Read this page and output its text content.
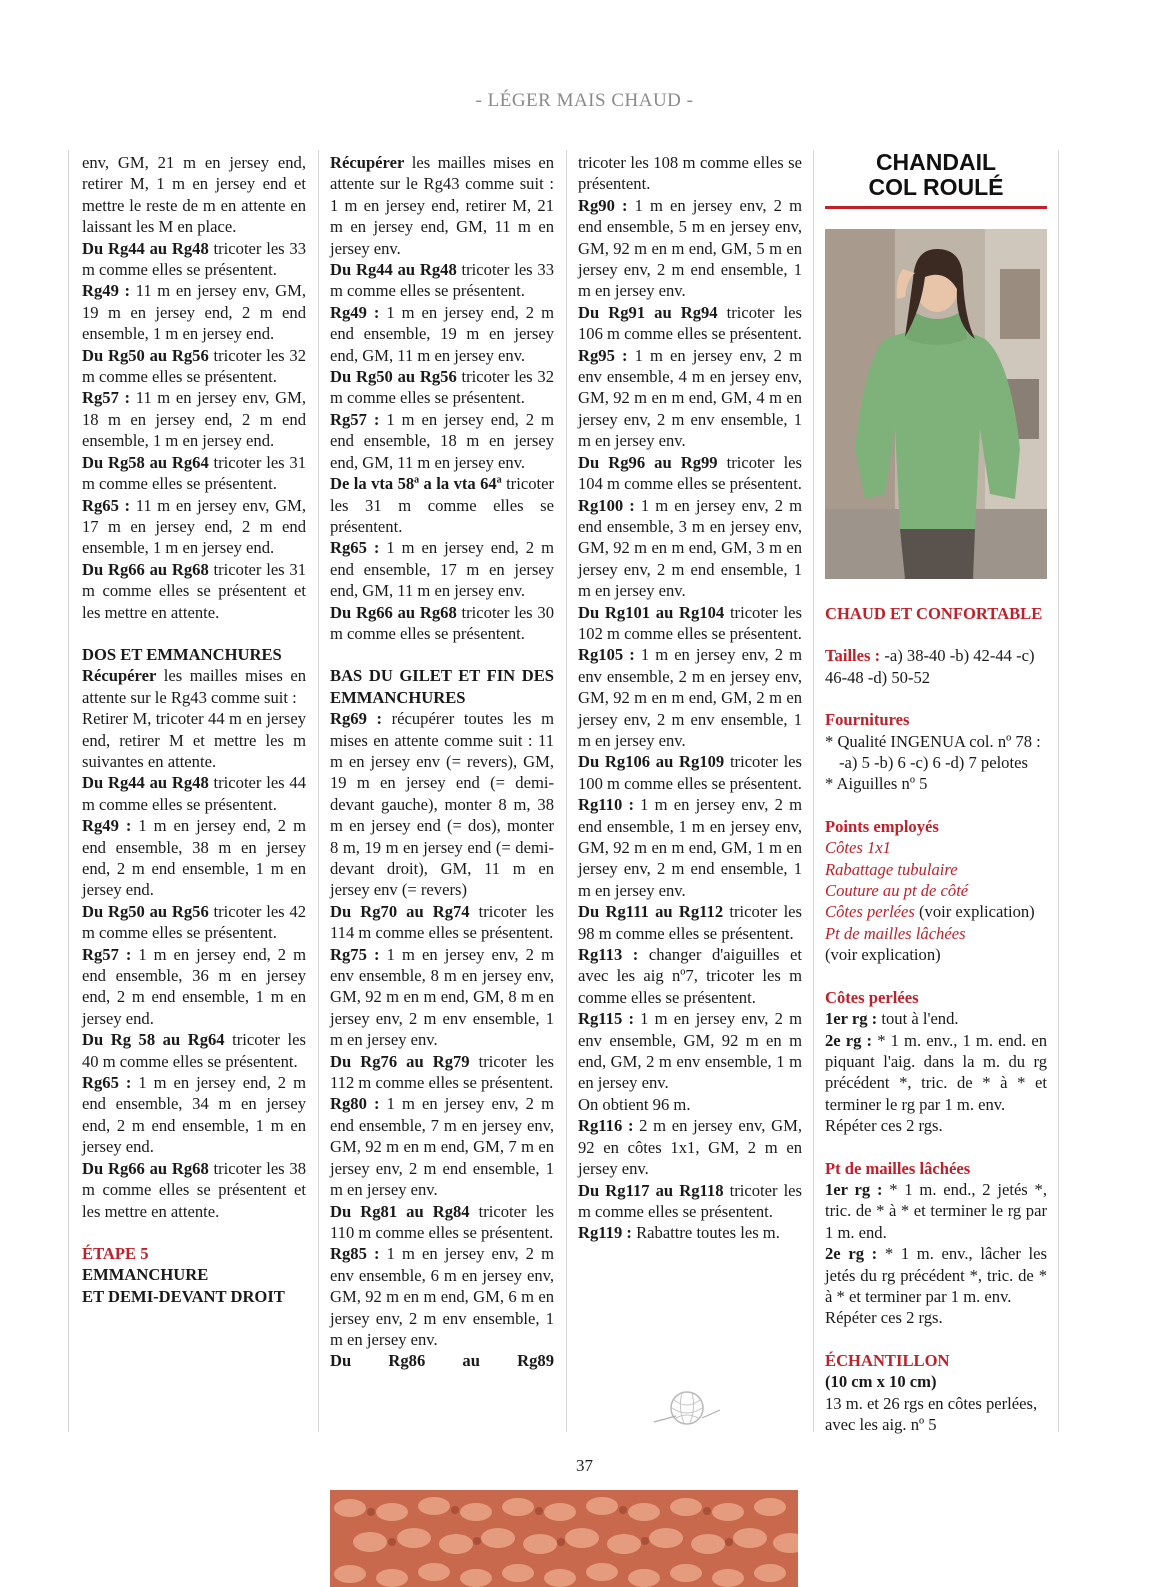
- LÉGER MAIS CHAUD -

env, GM, 21 m en jersey end, retirer M, 1 m en jersey end et mettre le reste de m en attente en laissant les M en place.

Du Rg44 au Rg48 tricoter les 33 m comme elles se présentent.

Rg49 : 11 m en jersey env, GM, 19 m en jersey end, 2 m end ensemble, 1 m en jersey end.

Du Rg50 au Rg56 tricoter les 32 m comme elles se présentent.

Rg57 : 11 m en jersey env, GM, 18 m en jersey end, 2 m end ensemble, 1 m en jersey end.

Du Rg58 au Rg64 tricoter les 31 m comme elles se présentent.

Rg65 : 11 m en jersey env, GM, 17 m en jersey end, 2 m end ensemble, 1 m en jersey end.

Du Rg66 au Rg68 tricoter les 31 m comme elles se présentent et les mettre en attente.

DOS ET EMMANCHURES

Récupérer les mailles mises en attente sur le Rg43 comme suit :

Retirer M, tricoter 44 m en jersey end, retirer M et mettre les m suivantes en attente.

Du Rg44 au Rg48 tricoter les 44 m comme elles se présentent.

Rg49 : 1 m en jersey end, 2 m end ensemble, 38 m en jersey end, 2 m end ensemble, 1 m en jersey end.

Du Rg50 au Rg56 tricoter les 42 m comme elles se présentent.

Rg57 : 1 m en jersey end, 2 m end ensemble, 36 m en jersey end, 2 m end ensemble, 1 m en jersey end.

Du Rg 58 au Rg64 tricoter les 40 m comme elles se présentent.

Rg65 : 1 m en jersey end, 2 m end ensemble, 34 m en jersey end, 2 m end ensemble, 1 m en jersey end.

Du Rg66 au Rg68 tricoter les 38 m comme elles se présentent et les mettre en attente.

ÉTAPE 5

EMMANCHURE

ET DEMI-DEVANT DROIT

Récupérer les mailles mises en attente sur le Rg43 comme suit : 1 m en jersey end, retirer M, 21 m en jersey end, GM, 11 m en jersey env.

Du Rg44 au Rg48 tricoter les 33 m comme elles se présentent.

Rg49 : 1 m en jersey end, 2 m end ensemble, 19 m en jersey end, GM, 11 m en jersey env.

Du Rg50 au Rg56 tricoter les 32 m comme elles se présentent.

Rg57 : 1 m en jersey end, 2 m end ensemble, 18 m en jersey end, GM, 11 m en jersey env.

De la vta 58ª a la vta 64ª tricoter les 31 m comme elles se présentent.

Rg65 : 1 m en jersey end, 2 m end ensemble, 17 m en jersey end, GM, 11 m en jersey env.

Du Rg66 au Rg68 tricoter les 30 m comme elles se présentent.

BAS DU GILET ET FIN DES EMMANCHURES

Rg69 : récupérer toutes les m mises en attente comme suit : 11 m en jersey env (= revers), GM, 19 m en jersey end (= demi-devant gauche), monter 8 m, 38 m en jersey end (= dos), monter 8 m, 19 m en jersey end (= demi-devant droit), GM, 11 m en jersey env (= revers)

Du Rg70 au Rg74 tricoter les 114 m comme elles se présentent.

Rg75 : 1 m en jersey env, 2 m env ensemble, 8 m en jersey env, GM, 92 m en m end, GM, 8 m en jersey env, 2 m env ensemble, 1 m en jersey env.

Du Rg76 au Rg79 tricoter les 112 m comme elles se présentent.

Rg80 : 1 m en jersey env, 2 m end ensemble, 7 m en jersey env, GM, 92 m en m end, GM, 7 m en jersey env, 2 m end ensemble, 1 m en jersey env.

Du Rg81 au Rg84 tricoter les 110 m comme elles se présentent.

Rg85 : 1 m en jersey env, 2 m env ensemble, 6 m en jersey env, GM, 92 m en m end, GM, 6 m en jersey env, 2 m env ensemble, 1 m en jersey env.

Du Rg86 au Rg89

tricoter les 108 m comme elles se présentent.

Rg90 : 1 m en jersey env, 2 m end ensemble, 5 m en jersey env, GM, 92 m en m end, GM, 5 m en jersey env, 2 m end ensemble, 1 m en jersey env.

Du Rg91 au Rg94 tricoter les 106 m comme elles se présentent.

Rg95 : 1 m en jersey env, 2 m env ensemble, 4 m en jersey env, GM, 92 m en m end, GM, 4 m en jersey env, 2 m env ensemble, 1 m en jersey env.

Du Rg96 au Rg99 tricoter les 104 m comme elles se présentent.

Rg100 : 1 m en jersey env, 2 m end ensemble, 3 m en jersey env, GM, 92 m en m end, GM, 3 m en jersey env, 2 m end ensemble, 1 m en jersey env.

Du Rg101 au Rg104 tricoter les 102 m comme elles se présentent.

Rg105 : 1 m en jersey env, 2 m env ensemble, 2 m en jersey env, GM, 92 m en m end, GM, 2 m en jersey env, 2 m env ensemble, 1 m en jersey env.

Du Rg106 au Rg109 tricoter les 100 m comme elles se présentent.

Rg110 : 1 m en jersey env, 2 m end ensemble, 1 m en jersey env, GM, 92 m en m end, GM, 1 m en jersey env, 2 m end ensemble, 1 m en jersey env.

Du Rg111 au Rg112 tricoter les 98 m comme elles se présentent.

Rg113 : changer d'aiguilles et avec les aig nº7, tricoter les m comme elles se présentent.

Rg115 : 1 m en jersey env, 2 m env ensemble, GM, 92 m en m end, GM, 2 m env ensemble, 1 m en jersey env.

On obtient 96 m.

Rg116 : 2 m en jersey env, GM, 92 en côtes 1x1, GM, 2 m en jersey env.

Du Rg117 au Rg118 tricoter les m comme elles se présentent.

Rg119 : Rabattre toutes les m.

CHANDAIL
COL ROULÉ

CHAUD ET CONFORTABLE

Tailles : -a) 38-40 -b) 42-44 -c) 46-48 -d) 50-52

Fournitures

* Qualité INGENUA col. nº 78 : -a) 5 -b) 6 -c) 6 -d) 7 pelotes

* Aiguilles nº 5

Points employés

Côtes 1x1

Rabattage tubulaire

Couture au pt de côté

Côtes perlées (voir explication)

Pt de mailles lâchées

(voir explication)

Côtes perlées

1er rg : tout à l'end.

2e rg : * 1 m. env., 1 m. end. en piquant l'aig. dans la m. du rg précédent *, tric. de * à * et terminer le rg par 1 m. env.

Répéter ces 2 rgs.

Pt de mailles lâchées

1er rg : * 1 m. end., 2 jetés *, tric. de * à * et terminer le rg par 1 m. end.

2e rg : * 1 m. env., lâcher les jetés du rg précédent *, tric. de * à * et terminer par 1 m. env.

Répéter ces 2 rgs.

ÉCHANTILLON

(10 cm x 10 cm)

13 m. et 26 rgs en côtes perlées, avec les aig. nº 5

37
